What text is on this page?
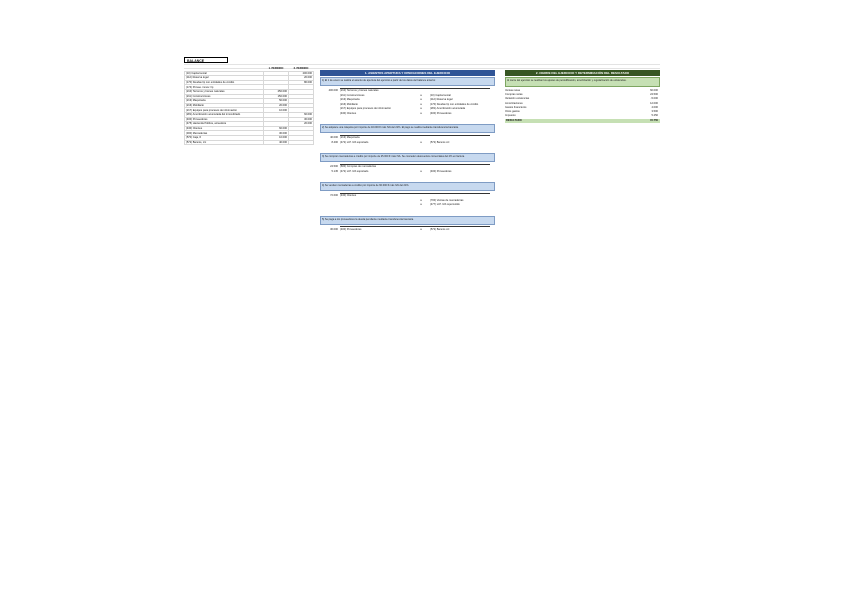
BALANCE
	1. PERIODO	2. PERIODO
(10) Capital social		200.000
(112) Reserva legal		20.000
(170) Deudas l/p con entidades de crédito		80.000
(174) Provee. inmov. l/p		
(210) Terrenos y bienes naturales	250.000	
(211) Construcciones	150.000	
(213) Maquinaria	50.000	
(216) Mobiliario	20.000	
(217) Equipos para procesos de información	10.000	
(281) Amortización acumulada del inmovilizado		60.000
(400) Proveedores		30.000
(475) Hacienda Pública, acreedora		20.000
(430) Clientes	60.000	
(300) Mercaderías	30.000	
(570) Caja, €	10.000	
(572) Bancos, c/c	40.000	
1. ASIENTOS APERTURA Y OPERACIONES DEL EJERCICIO	2. CIERRE DEL EJERCICIO Y DETERMINACIÓN DEL RESULTADO
1) El 1 de enero se realiza el asiento de apertura del ejercicio a partir de los datos del balance anterior.
400.000 (210) Terrenos y bienes naturales
(211) Construcciones	a	(10) Capital social
(213) Maquinaria	a	(112) Reserva legal
(216) Mobiliario	a	(170) Deudas l/p con entidades de crédito
(217) Equipos para procesos de información	a	(281) Amortización acumulada
(430) Clientes	a	(400) Proveedores
2) Se adquiere una máquina por importe de 40.000 € más IVA del 21%. El pago se realiza mediante transferencia bancaria.
40.000 (213) Maquinaria
8.400 (472) H.P. IVA soportado	a	(572) Bancos c/c
3) Se compran mercaderías a crédito por importe de 25.000 € más IVA. Se conceden descuentos comerciales del 2% en factura.
24.500 (600) Compras de mercaderías
5.145 (472) H.P. IVA soportado	a	(400) Proveedores
4) Se venden mercaderías a crédito por importe de 60.000 € más IVA del 21%.
72.600 (430) Clientes
a	(700) Ventas de mercaderías
a	(477) H.P. IVA repercutido
5) Se paga a los proveedores la deuda pendiente mediante transferencia bancaria.
30.000 (400) Proveedores	a	(572) Bancos c/c
Al cierre del ejercicio se realizan los ajustes de periodificación, amortización y regularización de existencias.
Ventas netas	60.000
Compras netas	24.500
Variación existencias	-5.000
Amortizaciones	12.000
Gastos financieros	4.000
Otros gastos	3.500
Impuesto	5.250
RESULTADO	15.750
